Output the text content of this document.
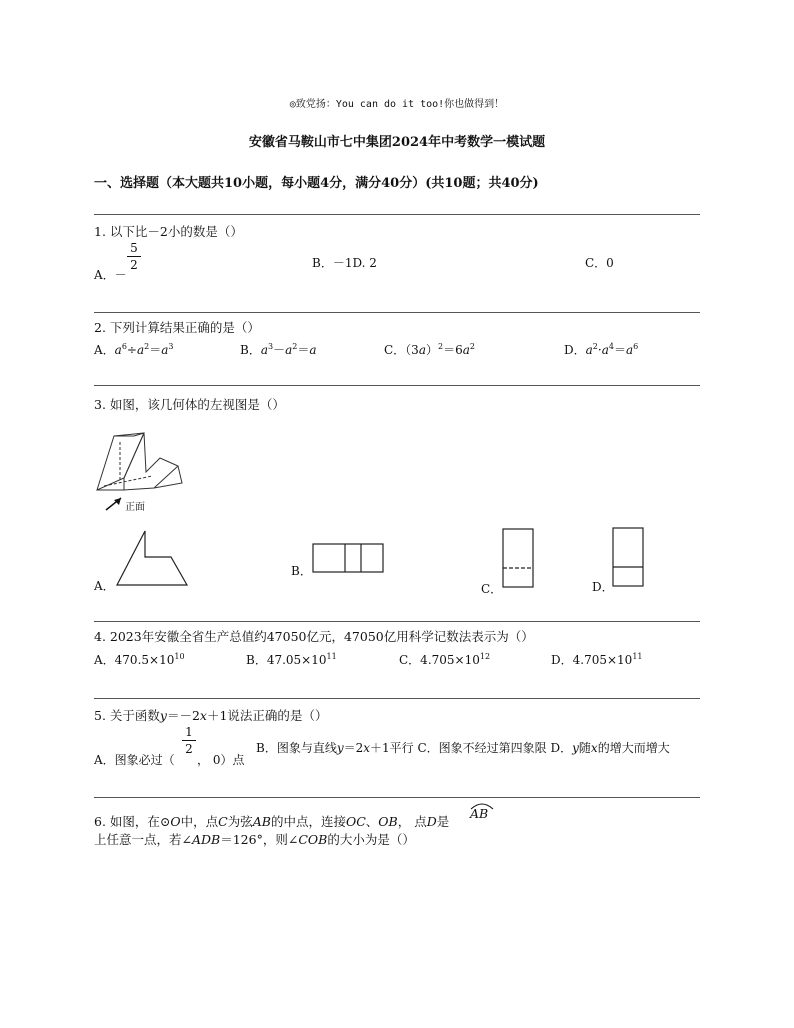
◎致党扬：You can do it too!你也做得到！
安徽省马鞍山市七中集团2024年中考数学一模试题
一、选择题（本大题共10小题，每小题4分，满分40分）(共10题；共40分)
1. 以下比－2小的数是（）
A．－
5
2	B．－1D. 2	C．0
2. 下列计算结果正确的是（）
A．$a^6\div a^2=a^3$	B．$a^3-a^2=a$	C．$(3a)^2=6a^2$	D．$a^2\cdot a^4=a^6$
3. 如图，该几何体的左视图是（）
正面
A．
B．
C．	D．
4. 2023年安徽全省生产总值约47050亿元，47050亿用科学记数法表示为（）
A．$470.5\times 10^{10}$	B．$47.05\times 10^{11}$	C．$4.705\times 10^{12}$	D．$4.705\times 10^{11}$
5. 关于函数y＝－2x＋1说法正确的是（）
A．图象必过（
1
2
， 0）点
B．图象与直线y＝2x＋1平行 C．图象不经过第四象限 D．y随x的增大而增大
6. 如图，在⊙O中，点C为弦AB的中点，连接OC、OB， 点D是
AB
上任意一点，若∠ADB＝126°，则∠COB的大小为是（）
